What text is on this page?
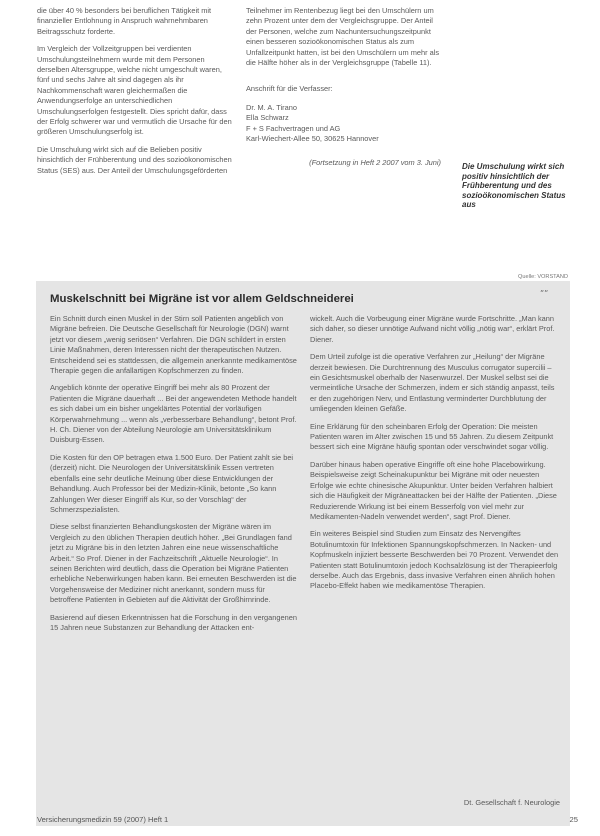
die über 40 % besonders bei beruflichen Tätigkeit mit finanzieller Entlohnung in Anspruch wahrnehmbaren Beitragsschutz forderte.

Im Vergleich der Vollzeitgruppen bei verdienten Umschulungsteilnehmern wurde mit dem Personen derselben Altersgruppe, welche nicht umgeschult waren, fünf und sechs Jahre alt sind dagegen als ihr Nachkommenschaft waren gleichermaßen die Anwendungserfolge an unterschiedlichen Umschulungserfolgen festgestellt. Dies spricht dafür, dass der Erfolg schwerer war und vermutlich die Ursache für den größeren Umschulungserfolg ist.

Die Umschulung wirkt sich auf die Belieben positiv hinsichtlich der Frühberentung und des sozioökonomischen Status (SES) aus. Der Anteil der Umschulungsgeförderten

Teilnehmer im Rentenbezug liegt bei den Umschülern um zehn Prozent unter dem der Vergleichsgruppe. Der Anteil der Personen, welche zum Nachuntersuchungszeitpunkt einen besseren sozioökonomischen Status als zum Unfallzeitpunkt hatten, ist bei den Umschülern um mehr als die Hälfte höher als in der Vergleichsgruppe (Tabelle 11).

Anschrift für die Verfasser:
Dr. M. A. Tirano
Ella Schwarz
F + S Fachvertragen und AG
Karl-Wiechert-Allee 50, 30625 Hannover
(Fortsetzung in Heft 2 2007 vom 3. Juni)	Die Umschulung wirkt sich positiv hinsichtlich der Frühberentung und des sozioökonomischen Status aus
Quelle: VORSTAND
„„
Muskelschnitt bei Migräne ist vor allem Geldschneiderei

Ein Schnitt durch einen Muskel in der Stirn soll Patienten angeblich von Migräne befreien. Die Deutsche Gesellschaft für Neurologie (DGN) warnt jetzt vor diesem „wenig seriösen“ Verfahren. Die DGN schildert in ersten Linie Maßnahmen, deren Interessen nicht der therapeutischen Nutzen. Entscheidend sei es stattdessen, die allgemein anerkannte medikamentöse Therapie gegen die anfallartigen Kopfschmerzen zu finden.

Angeblich könnte der operative Eingriff bei mehr als 80 Prozent der Patienten die Migräne dauerhaft ... Bei der angewendeten Methode handelt es sich dabei um ein bisher ungeklärtes Potential der vorläufigen Körperwahrnehmung ... wenn als „verbesserbare Behandlung“, betont Prof. H. Ch. Diener von der Abteilung Neurologie am Universitätsklinikum Duisburg-Essen.

Die Kosten für den OP betragen etwa 1.500 Euro. Der Patient zahlt sie bei (derzeit) nicht. Die Neurologen der Universitätsklinik Essen vertreten ebenfalls eine sehr deutliche Meinung über diese Entwicklungen der Behandlung. Auch Professor bei der Medizin-Klinik, betonte „So kann Zahlungen Wer dieser Eingriff als Kur, so der Vorschlag“ der Schmerzspezialisten.

Diese selbst finanzierten Behandlungskosten der Migräne wären im Vergleich zu den üblichen Therapien deutlich höher. „Bei Grundlagen fand jetzt zu Migräne bis in den letzten Jahren eine neue wissenschaftliche Arbeit.“ So Prof. Diener in der Fachzeitschrift „Aktuelle Neurologie“. In seinen Berichten wird deutlich, dass die Operation bei Migräne Patienten erhebliche Nebenwirkungen haben kann. Bei erneuten Beschwerden ist die Vorgehensweise der Mediziner nicht anerkannt, sondern muss für betroffene Patienten in Gebieten auf die Aktivität der Großhirnrinde.

Basierend auf diesen Erkenntnissen hat die Forschung in den vergangenen 15 Jahren neue Substanzen zur Behandlung der Attacken ent-

wickelt. Auch die Vorbeugung einer Migräne wurde Fortschritte. „Man kann sich daher, so dieser unnötige Aufwand nicht völlig „nötig war“, erklärt Prof. Diener.

Dem Urteil zufolge ist die operative Verfahren zur „Heilung“ der Migräne derzeit bewiesen. Die Durchtrennung des Musculus corrugator supercilii – ein Gesichtsmuskel oberhalb der Nasenwurzel. Der Muskel selbst sei die vermeintliche Ursache der Schmerzen, indem er sich ständig anpasst, teils er den zugehörigen Nerv, und Entlastung verminderter Durchblutung der umliegenden kleinen Gefäße.

Eine Erklärung für den scheinbaren Erfolg der Operation: Die meisten Patienten waren im Alter zwischen 15 und 55 Jahren. Zu diesem Zeitpunkt bessert sich eine Migräne häufig spontan oder verschwindet sogar völlig.

Darüber hinaus haben operative Eingriffe oft eine hohe Placebowirkung. Beispielsweise zeigt Scheinakupunktur bei Migräne mit oder neuesten Erfolge wie echte chinesische Akupunktur. Unter beiden Verfahren halbiert sich die Häufigkeit der Migräneattacken bei der Hälfte der Patienten. „Diese Reduzierende Wirkung ist bei einem Besserfolg von viel mehr zur Medikamenten-Nadeln verwendet werden“, sagt Prof. Diener.

Ein weiteres Beispiel sind Studien zum Einsatz des Nervengiftes Botulinumtoxin für Infektionen Spannungskopfschmerzen. In Nacken- und Kopfmuskeln injiziert besserte Beschwerden bei 70 Prozent. Verwendet den Patienten statt Botulinumtoxin jedoch Kochsalzlösung ist der Therapieerfolg derselbe. Auch das Ergebnis, dass invasive Verfahren einen ähnlich hohen Placebo-Effekt haben wie medikamentöse Therapien.

Dt. Gesellschaft f. Neurologie
Versicherungsmedizin 59 (2007) Heft 1	25
